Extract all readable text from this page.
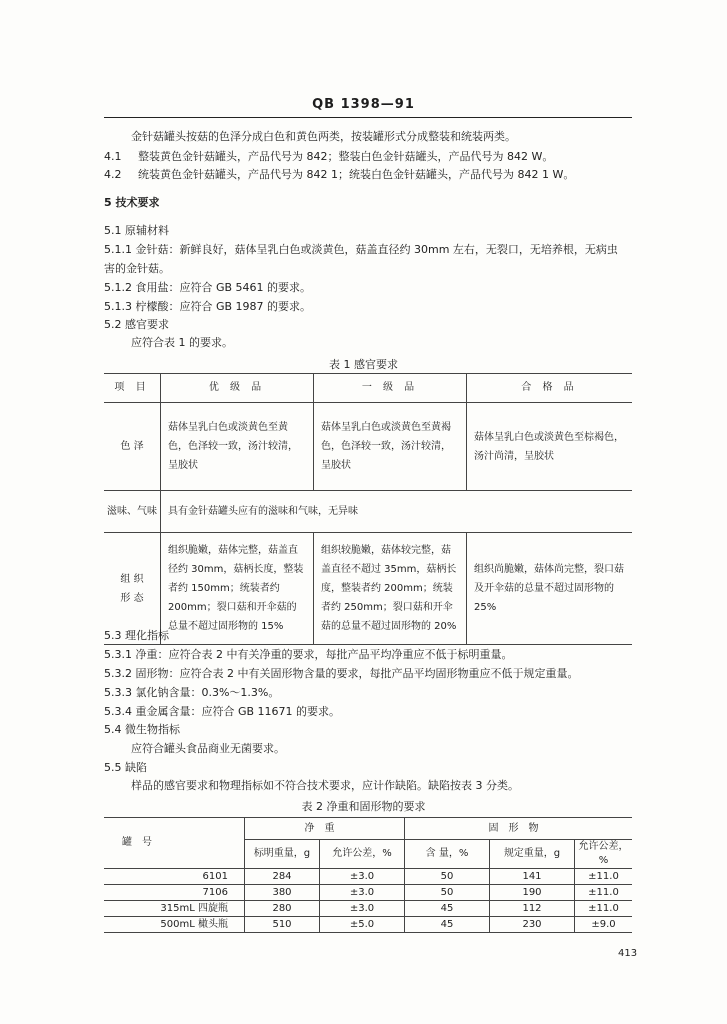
QB 1398—91
金针菇罐头按菇的色泽分成白色和黄色两类，按装罐形式分成整装和统装两类。
4.1 整装黄色金针菇罐头，产品代号为 842；整装白色金针菇罐头，产品代号为 842 W。
4.2 统装黄色金针菇罐头，产品代号为 842 1；统装白色金针菇罐头，产品代号为 842 1 W。
5 技术要求
5.1 原辅材料
5.1.1 金针菇：新鲜良好，菇体呈乳白色或淡黄色，菇盖直径约 30mm 左右，无裂口，无培养根，无病虫
害的金针菇。
5.1.2 食用盐：应符合 GB 5461 的要求。
5.1.3 柠檬酸：应符合 GB 1987 的要求。
5.2 感官要求
应符合表 1 的要求。
表 1 感官要求
项 目	优 级 品	一 级 品	合 格 品
色 泽	菇体呈乳白色或淡黄色至黄色，色泽较一致，汤汁较清，呈胶状	菇体呈乳白色或淡黄色至黄褐色，色泽较一致，汤汁较清，呈胶状	菇体呈乳白色或淡黄色至棕褐色，汤汁尚清，呈胶状
滋味、气味	具有金针菇罐头应有的滋味和气味，无异味		
组 织
形 态	组织脆嫩，菇体完整，菇盖直径约 30mm，菇柄长度，整装者约 150mm；统装者约 200mm；裂口菇和开伞菇的总量不超过固形物的 15%	组织较脆嫩，菇体较完整，菇盖直径不超过 35mm，菇柄长度，整装者约 200mm；统装者约 250mm；裂口菇和开伞菇的总量不超过固形物的 20%	组织尚脆嫩，菇体尚完整，裂口菇及开伞菇的总量不超过固形物的 25%
5.3 理化指标
5.3.1 净重：应符合表 2 中有关净重的要求，每批产品平均净重应不低于标明重量。
5.3.2 固形物：应符合表 2 中有关固形物含量的要求，每批产品平均固形物重应不低于规定重量。
5.3.3 氯化钠含量：0.3%～1.3%。
5.3.4 重金属含量：应符合 GB 11671 的要求。
5.4 微生物指标
应符合罐头食品商业无菌要求。
5.5 缺陷
样品的感官要求和物理指标如不符合技术要求，应计作缺陷。缺陷按表 3 分类。
表 2 净重和固形物的要求
罐号	净重		固形物		
	标明重量，g	允许公差，%	含 量，%	规定重量，g	允许公差，%
6101	284	±3.0	50	141	±11.0
7106	380	±3.0	50	190	±11.0
315mL 四旋瓶	280	±3.0	45	112	±11.0
500mL 橄头瓶	510	±5.0	45	230	±9.0
413
